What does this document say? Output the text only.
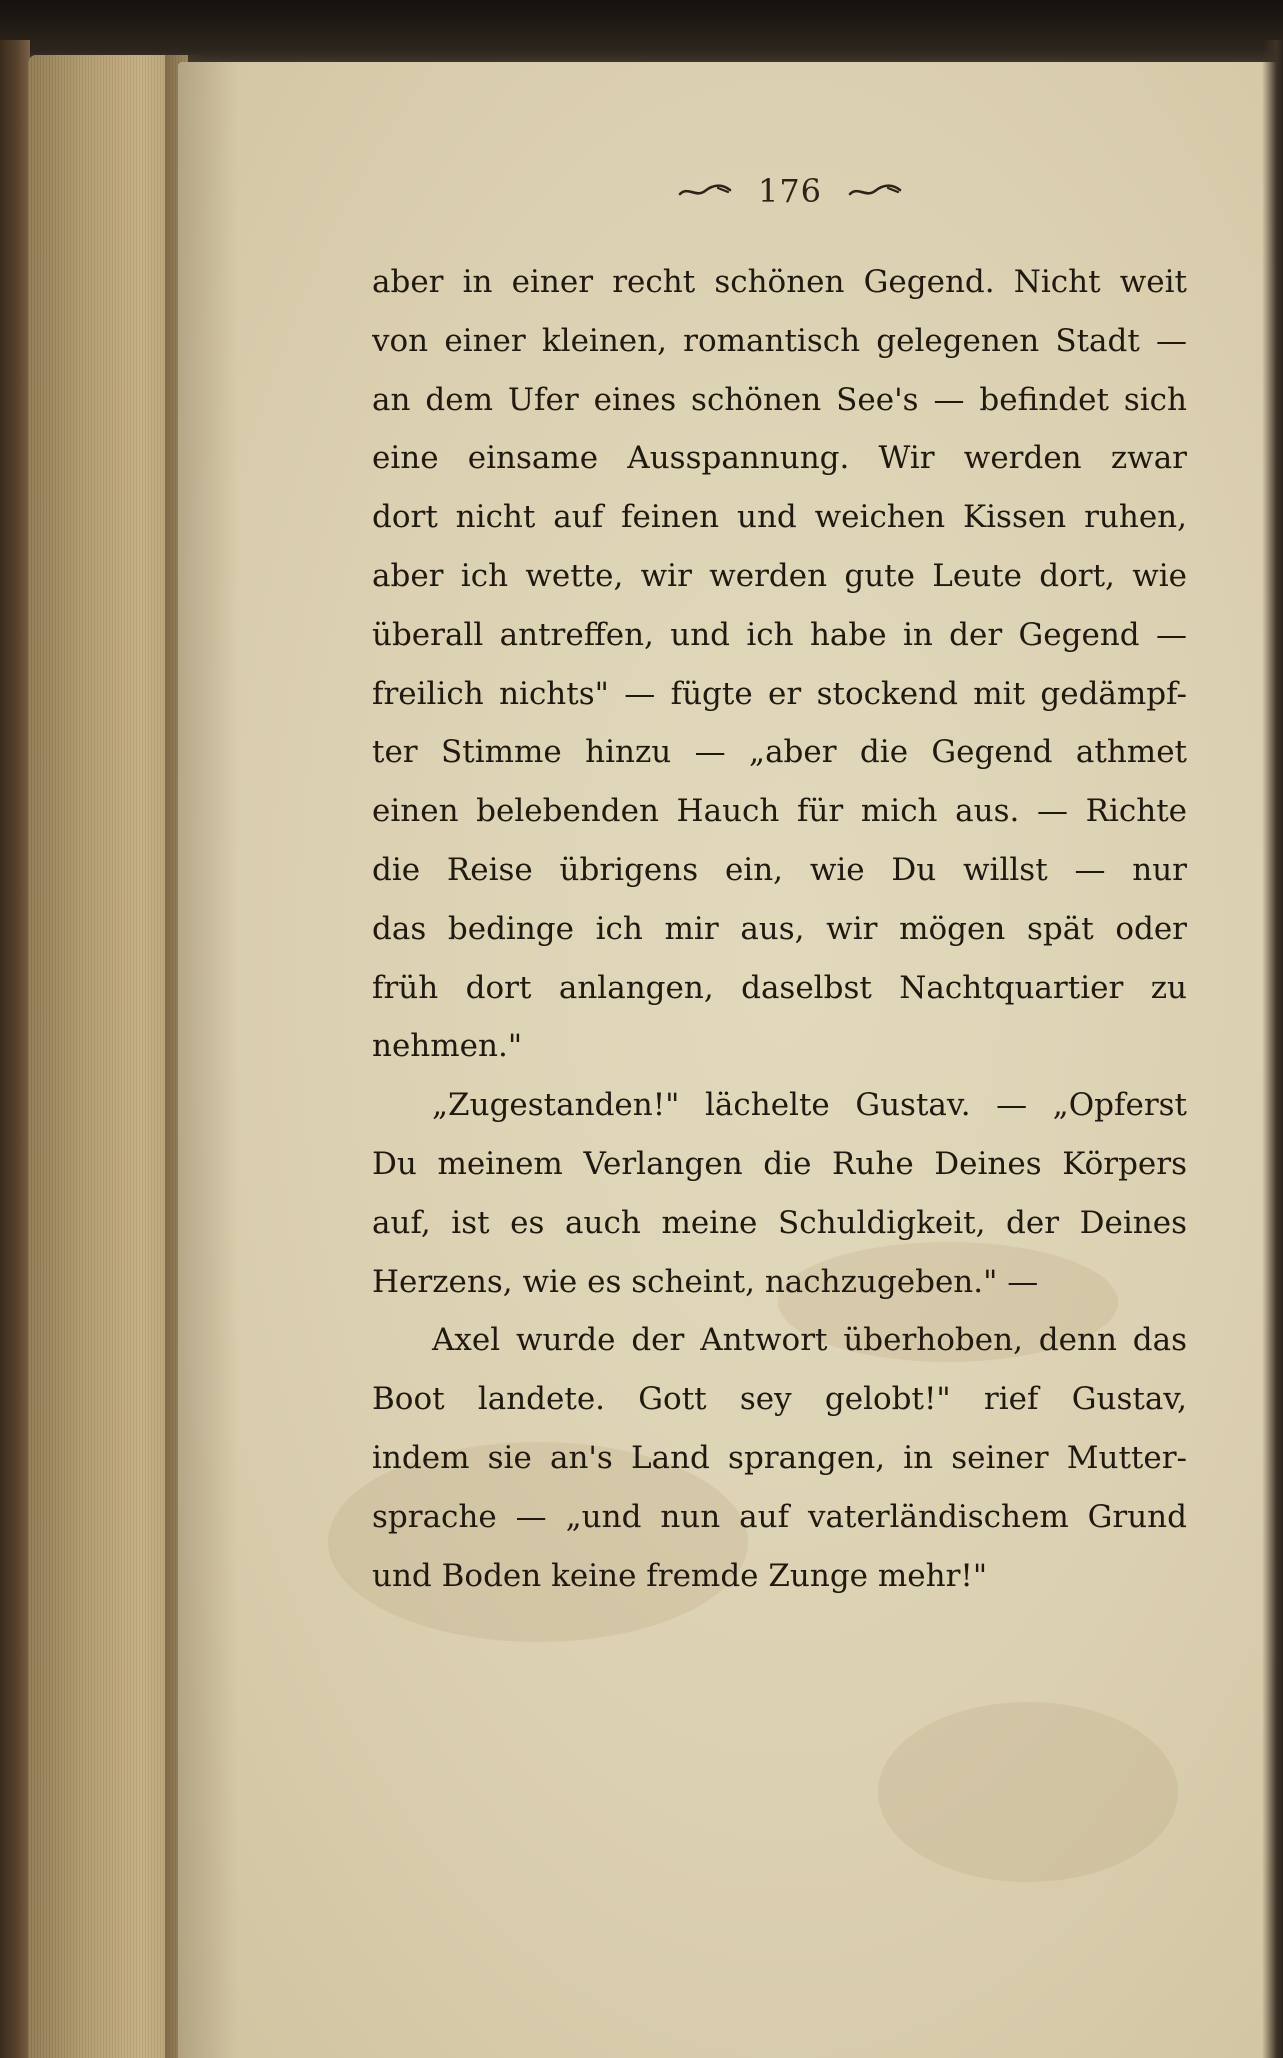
176
aber in einer recht schönen Gegend. Nicht weit
von einer kleinen, romantisch gelegenen Stadt —
an dem Ufer eines schönen See's — befindet sich
eine einsame Ausspannung. Wir werden zwar
dort nicht auf feinen und weichen Kissen ruhen,
aber ich wette, wir werden gute Leute dort, wie
überall antreffen, und ich habe in der Gegend —
freilich nichts" — fügte er stockend mit gedämpf-
ter Stimme hinzu — „aber die Gegend athmet
einen belebenden Hauch für mich aus. — Richte
die Reise übrigens ein, wie Du willst — nur
das bedinge ich mir aus, wir mögen spät oder
früh dort anlangen, daselbst Nachtquartier zu
nehmen."
„Zugestanden!" lächelte Gustav. — „Opferst
Du meinem Verlangen die Ruhe Deines Körpers
auf, ist es auch meine Schuldigkeit, der Deines
Herzens, wie es scheint, nachzugeben." —
Axel wurde der Antwort überhoben, denn das
Boot landete. Gott sey gelobt!" rief Gustav,
indem sie an's Land sprangen, in seiner Mutter-
sprache — „und nun auf vaterländischem Grund
und Boden keine fremde Zunge mehr!"
